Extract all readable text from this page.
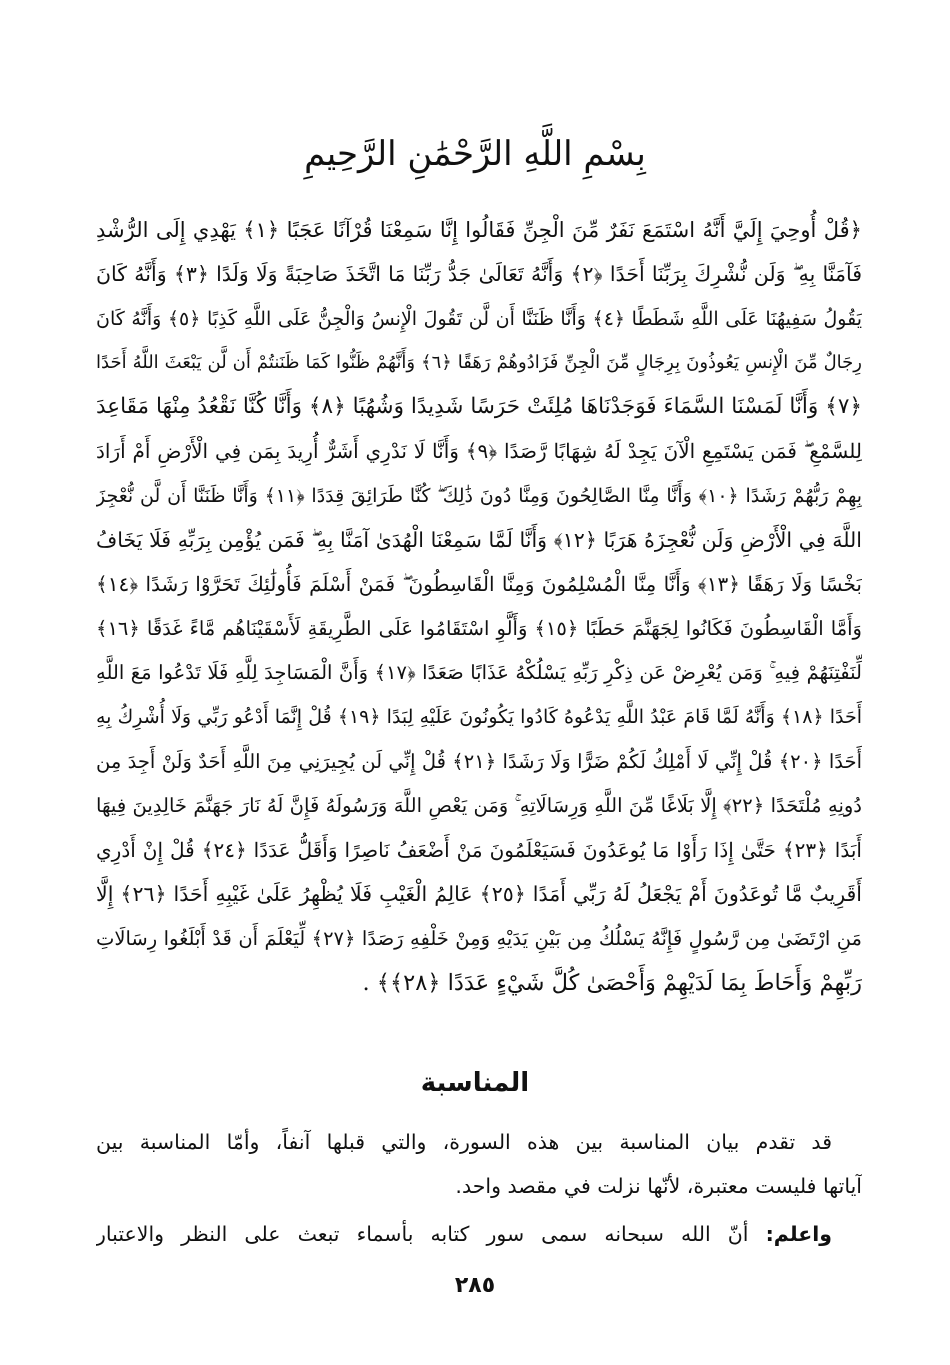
بِسْمِ اللَّهِ الرَّحْمَٰنِ الرَّحِيمِ
﴿قُلْ أُوحِيَ إِلَيَّ أَنَّهُ اسْتَمَعَ نَفَرٌ مِّنَ الْجِنِّ فَقَالُوا إِنَّا سَمِعْنَا قُرْآنًا عَجَبًا ﴿١﴾ يَهْدِي إِلَى الرُّشْدِ
فَآمَنَّا بِهِ ۖ وَلَن نُّشْرِكَ بِرَبِّنَا أَحَدًا ﴿٢﴾ وَأَنَّهُ تَعَالَىٰ جَدُّ رَبِّنَا مَا اتَّخَذَ صَاحِبَةً وَلَا وَلَدًا ﴿٣﴾ وَأَنَّهُ كَانَ
يَقُولُ سَفِيهُنَا عَلَى اللَّهِ شَطَطًا ﴿٤﴾ وَأَنَّا ظَنَنَّا أَن لَّن تَقُولَ الْإِنسُ وَالْجِنُّ عَلَى اللَّهِ كَذِبًا ﴿٥﴾ وَأَنَّهُ كَانَ
رِجَالٌ مِّنَ الْإِنسِ يَعُوذُونَ بِرِجَالٍ مِّنَ الْجِنِّ فَزَادُوهُمْ رَهَقًا ﴿٦﴾ وَأَنَّهُمْ ظَنُّوا كَمَا ظَنَنتُمْ أَن لَّن يَبْعَثَ اللَّهُ أَحَدًا
﴿٧﴾ وَأَنَّا لَمَسْنَا السَّمَاءَ فَوَجَدْنَاهَا مُلِئَتْ حَرَسًا شَدِيدًا وَشُهُبًا ﴿٨﴾ وَأَنَّا كُنَّا نَقْعُدُ مِنْهَا مَقَاعِدَ
لِلسَّمْعِ ۖ فَمَن يَسْتَمِعِ الْآنَ يَجِدْ لَهُ شِهَابًا رَّصَدًا ﴿٩﴾ وَأَنَّا لَا نَدْرِي أَشَرٌّ أُرِيدَ بِمَن فِي الْأَرْضِ أَمْ أَرَادَ
بِهِمْ رَبُّهُمْ رَشَدًا ﴿١٠﴾ وَأَنَّا مِنَّا الصَّالِحُونَ وَمِنَّا دُونَ ذَٰلِكَ ۖ كُنَّا طَرَائِقَ قِدَدًا ﴿١١﴾ وَأَنَّا ظَنَنَّا أَن لَّن نُّعْجِزَ
اللَّهَ فِي الْأَرْضِ وَلَن نُّعْجِزَهُ هَرَبًا ﴿١٢﴾ وَأَنَّا لَمَّا سَمِعْنَا الْهُدَىٰ آمَنَّا بِهِ ۖ فَمَن يُؤْمِن بِرَبِّهِ فَلَا يَخَافُ
بَخْسًا وَلَا رَهَقًا ﴿١٣﴾ وَأَنَّا مِنَّا الْمُسْلِمُونَ وَمِنَّا الْقَاسِطُونَ ۖ فَمَنْ أَسْلَمَ فَأُولَٰئِكَ تَحَرَّوْا رَشَدًا ﴿١٤﴾
وَأَمَّا الْقَاسِطُونَ فَكَانُوا لِجَهَنَّمَ حَطَبًا ﴿١٥﴾ وَأَلَّوِ اسْتَقَامُوا عَلَى الطَّرِيقَةِ لَأَسْقَيْنَاهُم مَّاءً غَدَقًا ﴿١٦﴾
لِّنَفْتِنَهُمْ فِيهِ ۚ وَمَن يُعْرِضْ عَن ذِكْرِ رَبِّهِ يَسْلُكْهُ عَذَابًا صَعَدًا ﴿١٧﴾ وَأَنَّ الْمَسَاجِدَ لِلَّهِ فَلَا تَدْعُوا مَعَ اللَّهِ
أَحَدًا ﴿١٨﴾ وَأَنَّهُ لَمَّا قَامَ عَبْدُ اللَّهِ يَدْعُوهُ كَادُوا يَكُونُونَ عَلَيْهِ لِبَدًا ﴿١٩﴾ قُلْ إِنَّمَا أَدْعُو رَبِّي وَلَا أُشْرِكُ بِهِ
أَحَدًا ﴿٢٠﴾ قُلْ إِنِّي لَا أَمْلِكُ لَكُمْ ضَرًّا وَلَا رَشَدًا ﴿٢١﴾ قُلْ إِنِّي لَن يُجِيرَنِي مِنَ اللَّهِ أَحَدٌ وَلَنْ أَجِدَ مِن
دُونِهِ مُلْتَحَدًا ﴿٢٢﴾ إِلَّا بَلَاغًا مِّنَ اللَّهِ وَرِسَالَاتِهِ ۚ وَمَن يَعْصِ اللَّهَ وَرَسُولَهُ فَإِنَّ لَهُ نَارَ جَهَنَّمَ خَالِدِينَ فِيهَا
أَبَدًا ﴿٢٣﴾ حَتَّىٰ إِذَا رَأَوْا مَا يُوعَدُونَ فَسَيَعْلَمُونَ مَنْ أَضْعَفُ نَاصِرًا وَأَقَلُّ عَدَدًا ﴿٢٤﴾ قُلْ إِنْ أَدْرِي
أَقَرِيبٌ مَّا تُوعَدُونَ أَمْ يَجْعَلُ لَهُ رَبِّي أَمَدًا ﴿٢٥﴾ عَالِمُ الْغَيْبِ فَلَا يُظْهِرُ عَلَىٰ غَيْبِهِ أَحَدًا ﴿٢٦﴾ إِلَّا
مَنِ ارْتَضَىٰ مِن رَّسُولٍ فَإِنَّهُ يَسْلُكُ مِن بَيْنِ يَدَيْهِ وَمِنْ خَلْفِهِ رَصَدًا ﴿٢٧﴾ لِّيَعْلَمَ أَن قَدْ أَبْلَغُوا رِسَالَاتِ
رَبِّهِمْ وَأَحَاطَ بِمَا لَدَيْهِمْ وَأَحْصَىٰ كُلَّ شَيْءٍ عَدَدًا ﴿٢٨﴾﴾ .
المناسبة
قد تقدم بيان المناسبة بين هذه السورة، والتي قبلها آنفاً، وأمّا المناسبة بين
آياتها فليست معتبرة، لأنّها نزلت في مقصد واحد.
واعلم: أنّ الله سبحانه سمى سور كتابه بأسماء تبعث على النظر والاعتبار
٢٨٥
